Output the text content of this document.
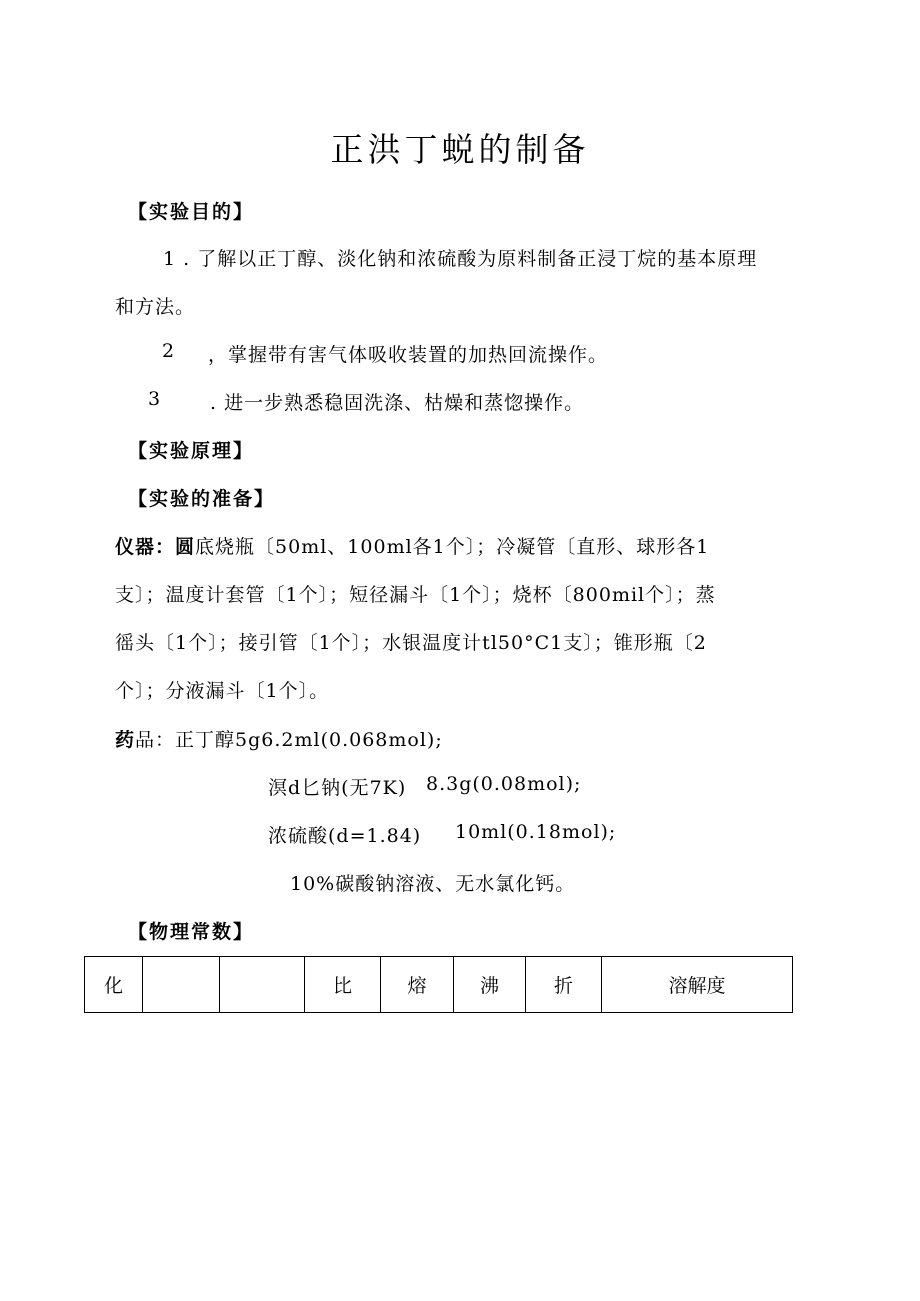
正洪丁蜕的制备
【实验目的】
1 . 了解以正丁醇、淡化钠和浓硫酸为原料制备正浸丁烷的基本原理
和方法。
2 ，掌握带有害气体吸收装置的加热回流操作。
3	. 进一步熟悉稳固洗涤、枯燥和蒸惚操作。
【实验原理】
【实验的准备】
仪器：圆底烧瓶〔50ml、100ml各1个〕；冷凝管〔直形、球形各1
支〕；温度计套管〔1个〕；短径漏斗〔1个〕；烧杯〔800mil个〕；蒸
徭头〔1个〕；接引管〔1个〕；水银温度计tl50°C1支〕；锥形瓶〔2
个〕；分液漏斗〔1个〕。
药品：正丁醇5g6.2ml(0.068mol);
溟d匕钠(无7K) 8.3g(0.08mol);
浓硫酸(d=1.84) 10ml(0.18mol);
10%碳酸钠溶液、无水氯化钙。
【物理常数】
化			比	熔	沸	折	溶解度
